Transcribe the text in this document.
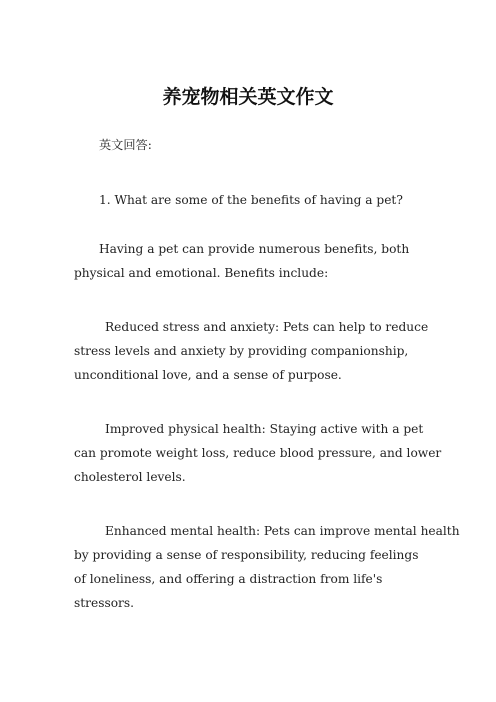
养宠物相关英文作文
英文回答:
1. What are some of the benefits of having a pet?
Having a pet can provide numerous benefits, both
physical and emotional. Benefits include:
Reduced stress and anxiety: Pets can help to reduce
stress levels and anxiety by providing companionship,
unconditional love, and a sense of purpose.
Improved physical health: Staying active with a pet
can promote weight loss, reduce blood pressure, and lower
cholesterol levels.
Enhanced mental health: Pets can improve mental health
by providing a sense of responsibility, reducing feelings
of loneliness, and offering a distraction from life's
stressors.
